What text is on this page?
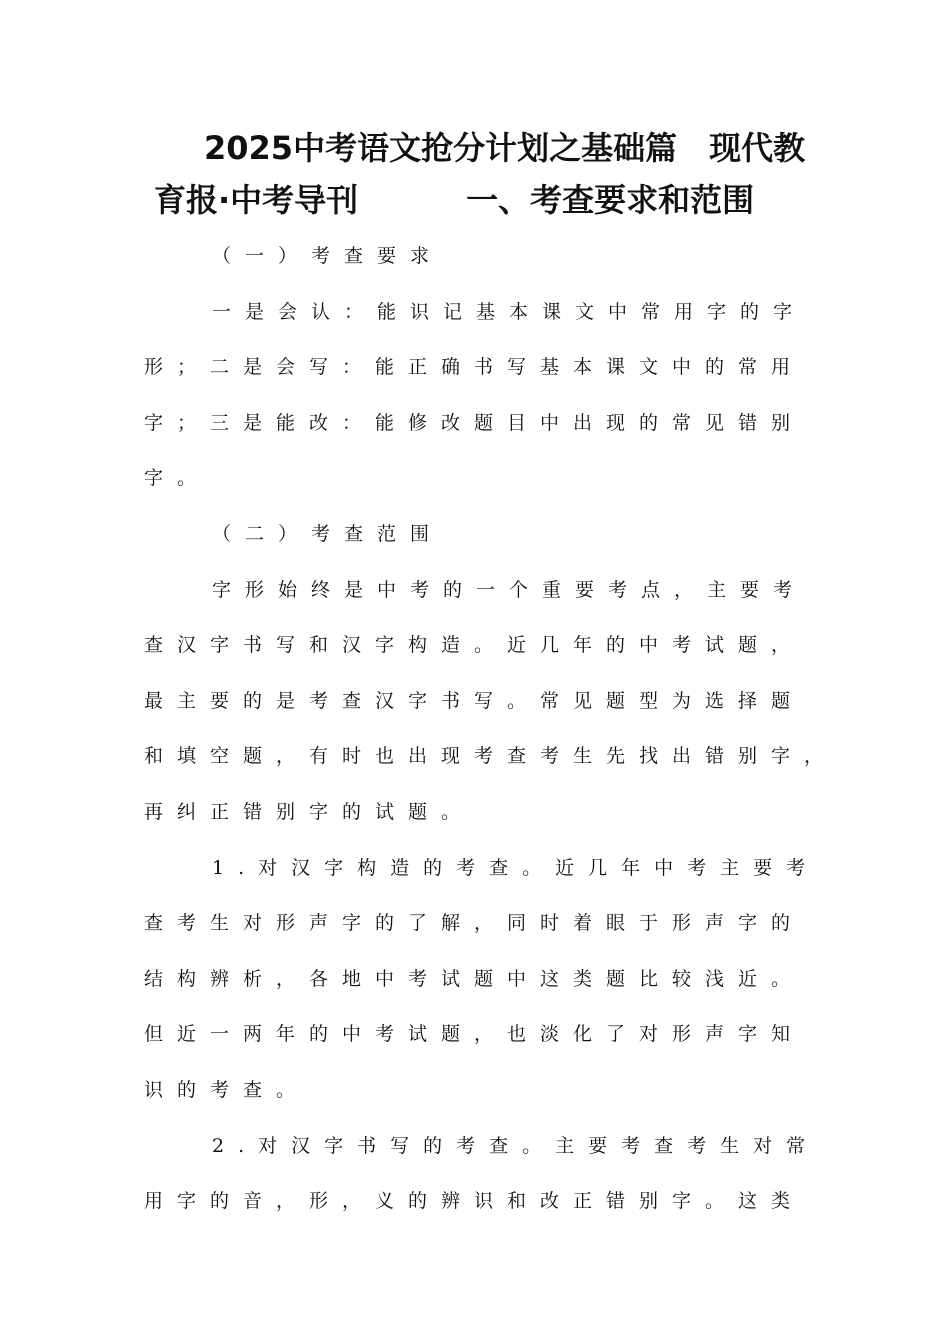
2025中考语文抢分计划之基础篇　现代教
育报·中考导刊	一、考查要求和范围
（一）考查要求
一是会认：能识记基本课文中常用字的字
形；二是会写：能正确书写基本课文中的常用
字；三是能改：能修改题目中出现的常见错别
字。
（二）考查范围
字形始终是中考的一个重要考点，主要考
查汉字书写和汉字构造。近几年的中考试题，
最主要的是考查汉字书写。常见题型为选择题
和填空题，有时也出现考查考生先找出错别字，
再纠正错别字的试题。
1.对汉字构造的考查。近几年中考主要考
查考生对形声字的了解，同时着眼于形声字的
结构辨析，各地中考试题中这类题比较浅近。
但近一两年的中考试题，也淡化了对形声字知
识的考查。
2.对汉字书写的考查。主要考查考生对常
用字的音，形，义的辨识和改正错别字。这类
